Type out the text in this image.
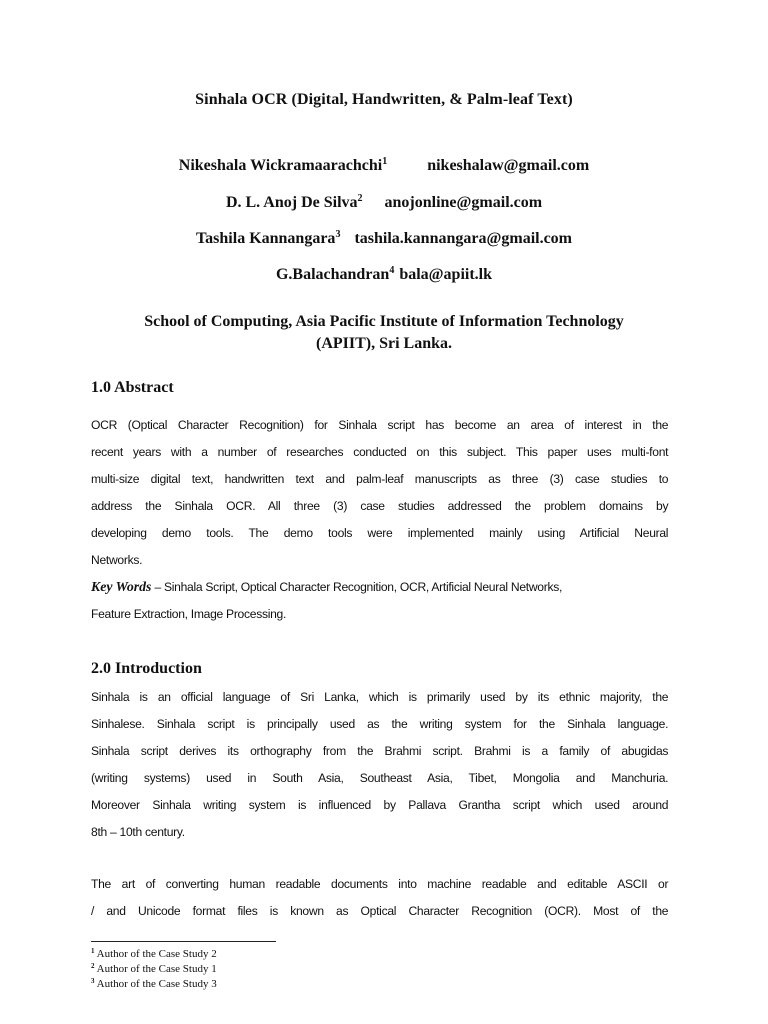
Sinhala OCR (Digital, Handwritten, & Palm-leaf Text)
Nikeshala Wickramaarachchi$^1$	nikeshalaw@gmail.com
D. L. Anoj De Silva$^2$ anojonline@gmail.com
Tashila Kannangara$^3$ tashila.kannangara@gmail.com
G.Balachandran$^4$ bala@apiit.lk
School of Computing, Asia Pacific Institute of Information Technology
(APIIT), Sri Lanka.
1.0 Abstract
OCR (Optical Character Recognition) for Sinhala script has become an area of interest in the
recent years with a number of researches conducted on this subject. This paper uses multi-font
multi-size digital text, handwritten text and palm-leaf manuscripts as three (3) case studies to
address the Sinhala OCR. All three (3) case studies addressed the problem domains by
developing demo tools. The demo tools were implemented mainly using Artificial Neural
Networks.
Key Words – Sinhala Script, Optical Character Recognition, OCR, Artificial Neural Networks,
Feature Extraction, Image Processing.
2.0 Introduction
Sinhala is an official language of Sri Lanka, which is primarily used by its ethnic majority, the
Sinhalese. Sinhala script is principally used as the writing system for the Sinhala language.
Sinhala script derives its orthography from the Brahmi script. Brahmi is a family of abugidas
(writing systems) used in South Asia, Southeast Asia, Tibet, Mongolia and Manchuria.
Moreover Sinhala writing system is influenced by Pallava Grantha script which used around
8th – 10th century.
The art of converting human readable documents into machine readable and editable ASCII or
/ and Unicode format files is known as Optical Character Recognition (OCR). Most of the
$^1$ Author of the Case Study 2
$^2$ Author of the Case Study 1
$^3$ Author of the Case Study 3
